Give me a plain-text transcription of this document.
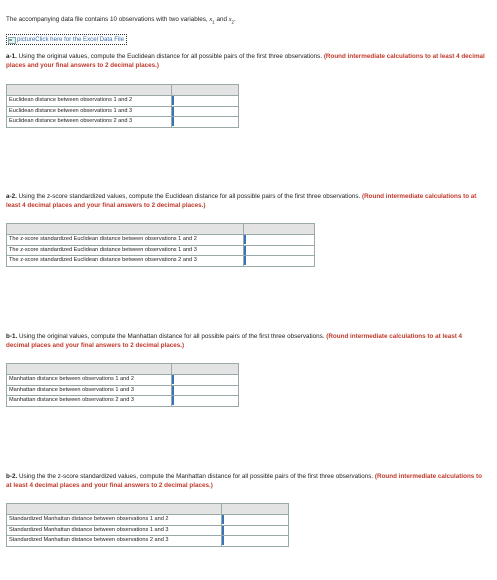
The accompanying data file contains 10 observations with two variables, $x_1$ and $x_2$.
pictureClick here for the Excel Data File
a-1. Using the original values, compute the Euclidean distance for all possible pairs of the first three observations. (Round intermediate calculations to at least 4 decimal places and your final answers to 2 decimal places.)

Euclidean distance between observations 1 and 2	
Euclidean distance between observations 1 and 3	
Euclidean distance between observations 2 and 3	
a-2. Using the z-score standardized values, compute the Euclidean distance for all possible pairs of the first three observations. (Round intermediate calculations to at least 4 decimal places and your final answers to 2 decimal places.)

The z-score standardized Euclidean distance between observations 1 and 2	
The z-score standardized Euclidean distance between observations 1 and 3	
The z-score standardized Euclidean distance between observations 2 and 3	
b-1. Using the original values, compute the Manhattan distance for all possible pairs of the first three observations. (Round intermediate calculations to at least 4 decimal places and your final answers to 2 decimal places.)

Manhattan distance between observations 1 and 2	
Manhattan distance between observations 1 and 3	
Manhattan distance between observations 2 and 3	
b-2. Using the the z-score standardized values, compute the Manhattan distance for all possible pairs of the first three observations. (Round intermediate calculations to at least 4 decimal places and your final answers to 2 decimal places.)

Standardized Manhattan distance between observations 1 and 2	
Standardized Manhattan distance between observations 1 and 3	
Standardized Manhattan distance between observations 2 and 3	
